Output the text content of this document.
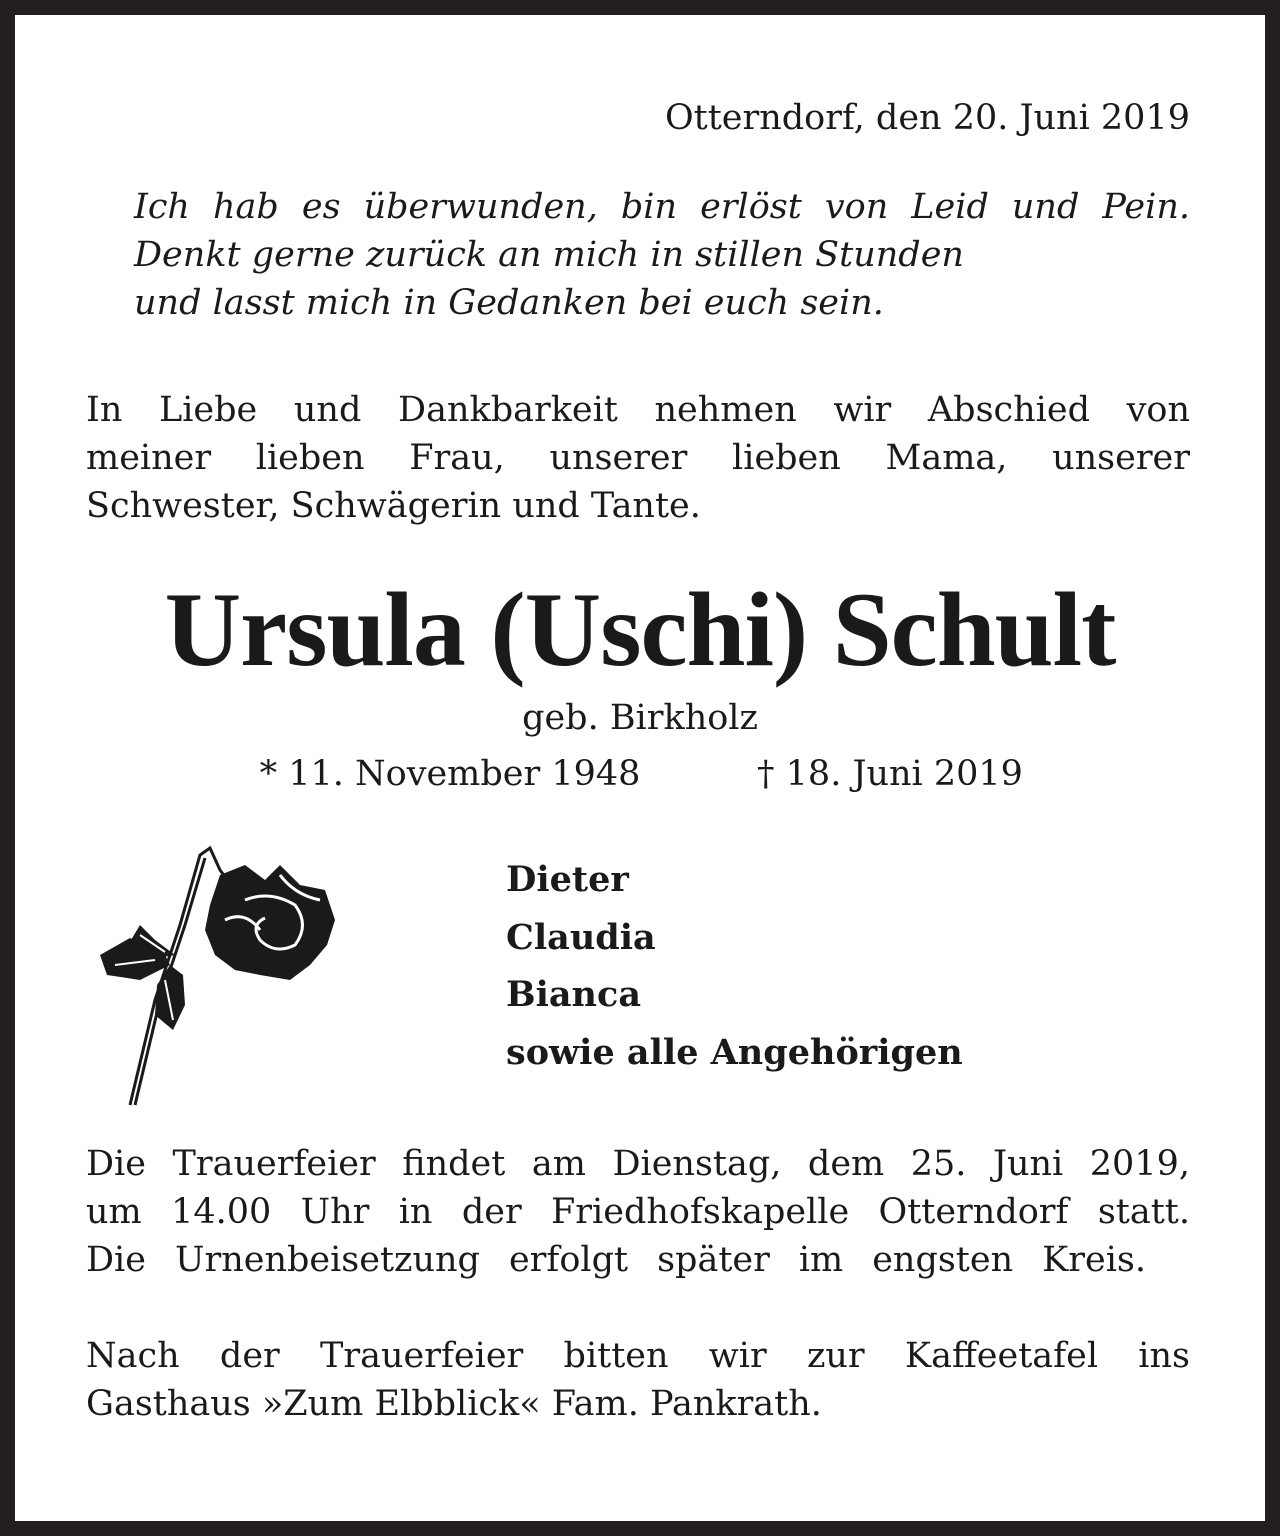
Otterndorf, den 20. Juni 2019
Ich hab es überwunden, bin erlöst von Leid und Pein.
Denkt gerne zurück an mich in stillen Stunden
und lasst mich in Gedanken bei euch sein.
In Liebe und Dankbarkeit nehmen wir Abschied von
meiner lieben Frau, unserer lieben Mama, unserer
Schwester, Schwägerin und Tante.
Ursula (Uschi) Schult
geb. Birkholz
* 11. November 1948	† 18. Juni 2019
Dieter
Claudia
Bianca
sowie alle Angehörigen
Die Trauerfeier findet am Dienstag, dem 25. Juni 2019,
um 14.00 Uhr in der Friedhofskapelle Otterndorf statt.
Die Urnenbeisetzung erfolgt später im engsten Kreis.
Nach der Trauerfeier bitten wir zur Kaffeetafel ins
Gasthaus »Zum Elbblick« Fam. Pankrath.
